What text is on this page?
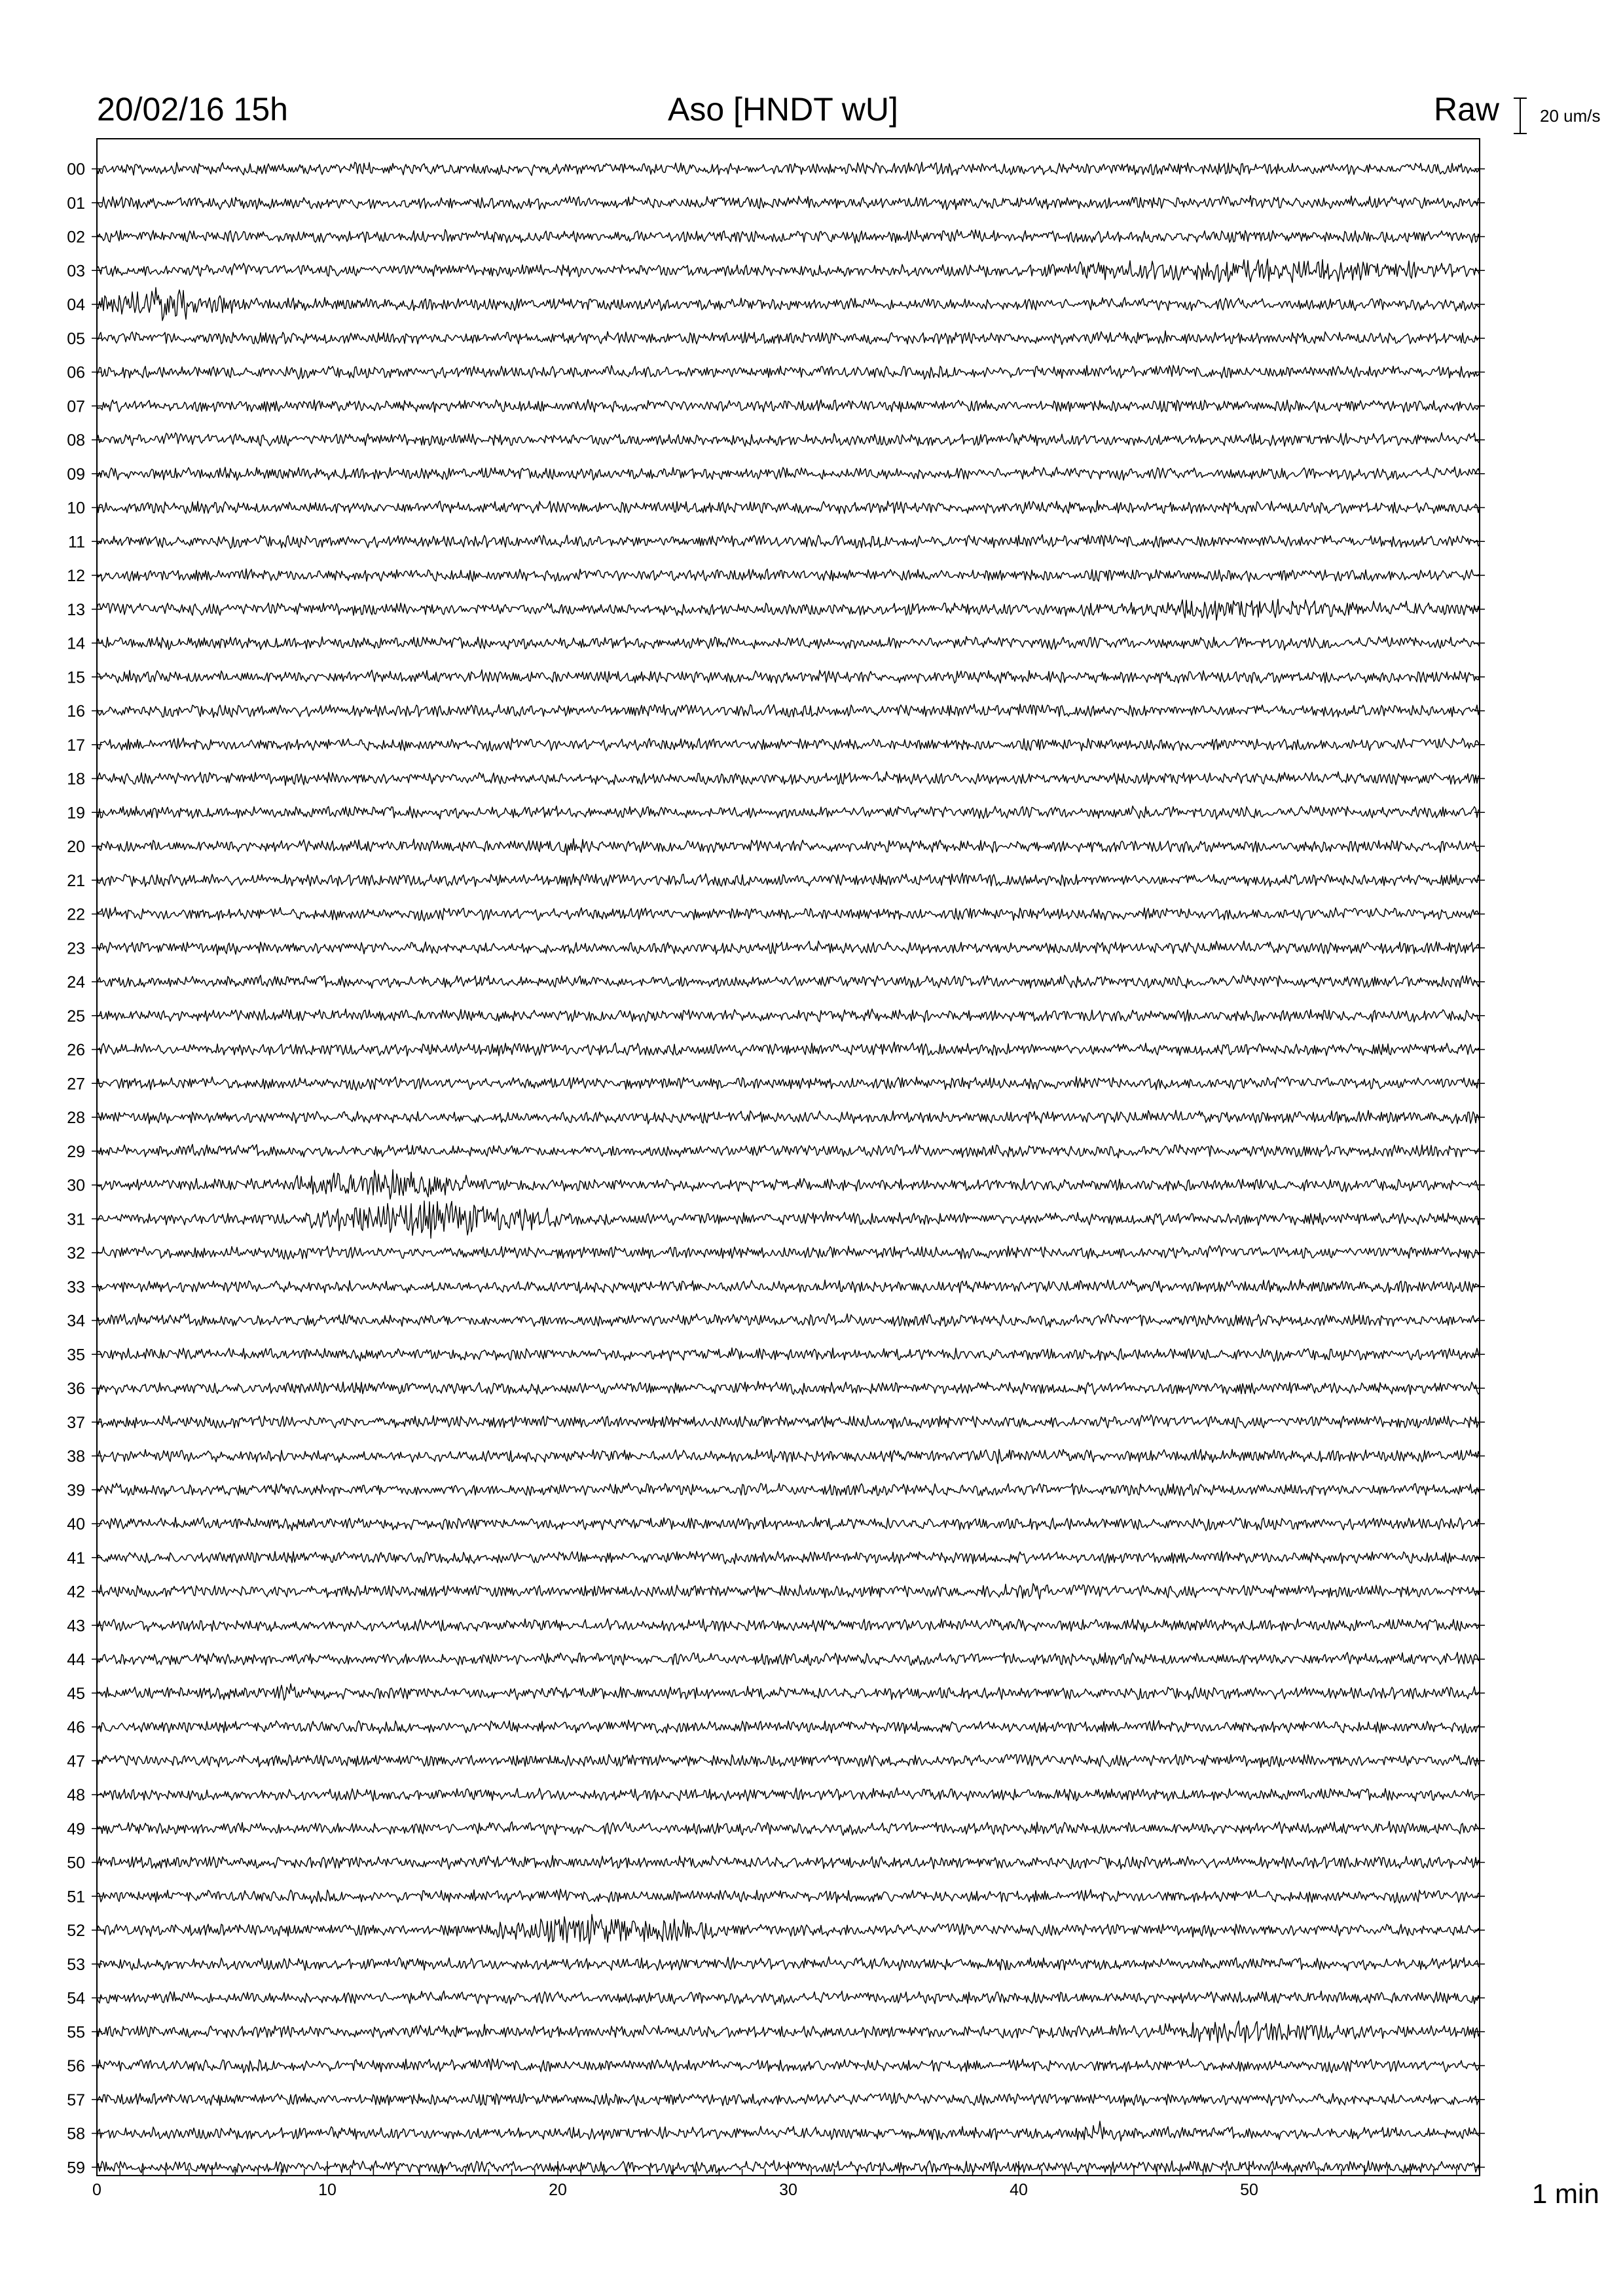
00
01
02
03
04
05
06
07
08
09
10
11
12
13
14
15
16
17
18
19
20
21
22
23
24
25
26
27
28
29
30
31
32
33
34
35
36
37
38
39
40
41
42
43
44
45
46
47
48
49
50
51
52
53
54
55
56
57
58
59
0	10	20	30	40	50
20/02/16 15h	Aso [HNDT wU]	Raw 20 um/s
1 min
